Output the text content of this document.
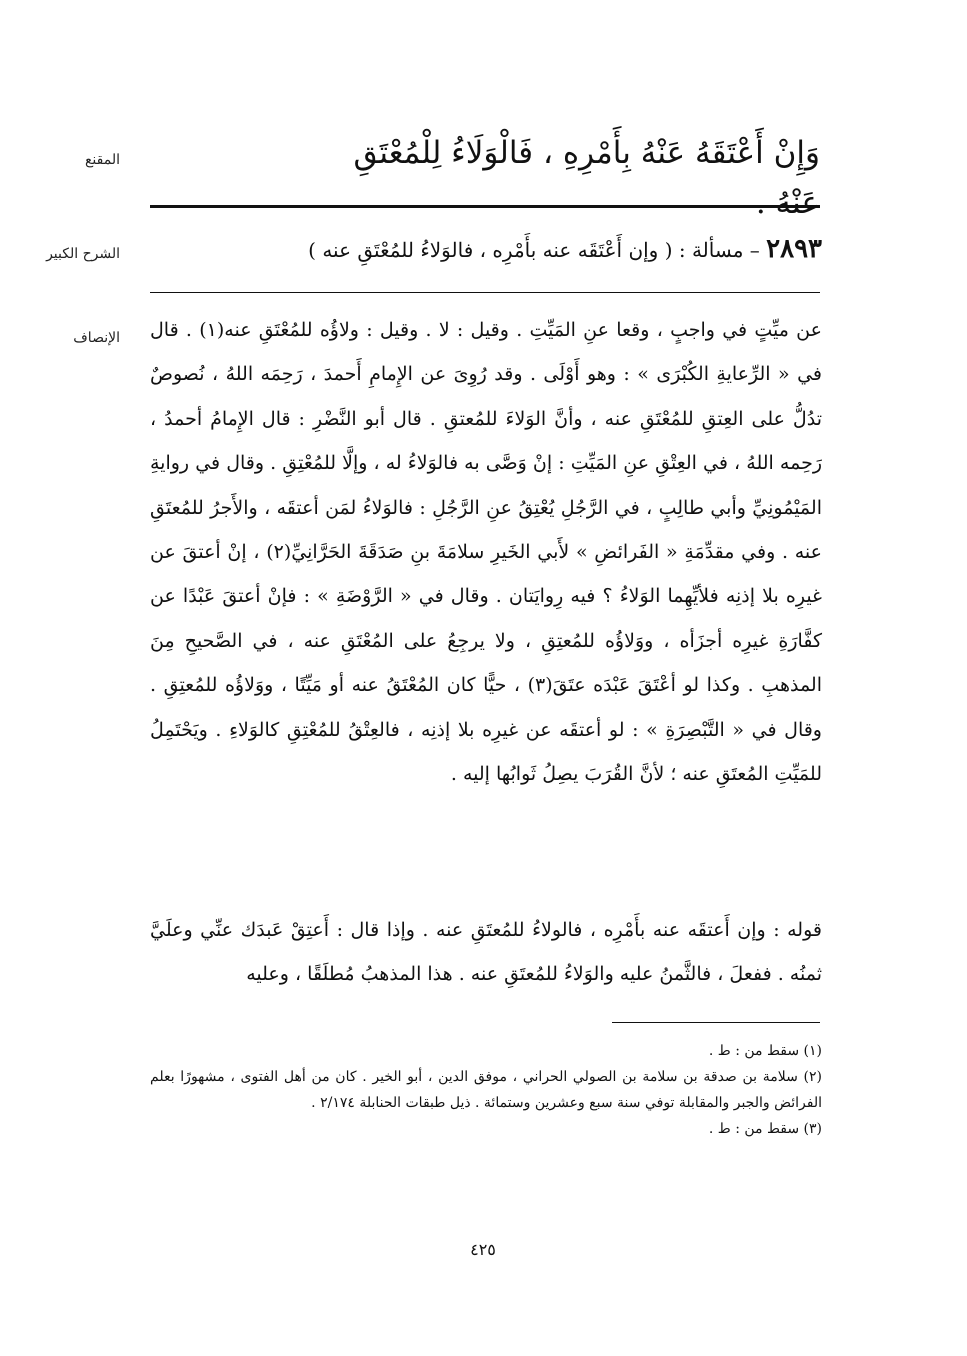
المقنع	وَإِنْ أَعْتَقَهُ عَنْهُ بِأَمْرِهِ ، فَالْوَلَاءُ لِلْمُعْتَقِ عَنْهُ .
الشرح الكبير	٢٨٩٣ – مسألة : ( وإن أَعْتَقَه عنه بأَمْرِه ، فالوَلاءُ للمُعْتَقِ عنه )
الإنصاف عن ميِّتٍ في واجبٍ ، وقعا عنِ المَيِّتِ . وقيل : لا . وقيل : ولاؤُه للمُعْتَقِ عنه(١) . قال في « الرِّعايةِ الكُبْرَى » : وهو أَوْلَى . وقد رُوِىَ عن الإِمامِ أَحمدَ ، رَحِمَه اللهُ ، نُصوصٌ تدُلُّ على العِتقِ للمُعْتَقِ عنه ، وأنَّ الوَلاءَ للمُعتقِ . قال أبو النَّضْرِ : قال الإِمامُ أحمدُ ، رَحِمه اللهُ ، في العِتْقِ عنِ المَيِّتِ : إنْ وَصَّى به فالوَلاءُ له ، وإلَّا للمُعْتِقِ . وقال في روايةِ المَيْمُونِيِّ وأبي طالِبٍ ، في الرَّجُلِ يُعْتِقُ عنِ الرَّجُلِ : فالوَلاءُ لمَن أعتقَه ، والأَجرُ للمُعتَقِ عنه . وفي مقدِّمَةِ « الفَرائضِ » لأَبي الخَيرِ سلامَةَ بنِ صَدَقَةَ الحَرَّانِيِّ(٢) ، إنْ أعتقَ عن غيرِه بلا إذنِه فلأيِّهِما الوَلاءُ ؟ فيه رِوايَتان . وقال في « الرَّوْضَةِ » : فإنْ أعتقَ عَبْدًا عن كفَّارَةِ غيرِه أجزَأه ، ووَلاؤُه للمُعتِقِ ، ولا يرجِعُ على المُعْتَقِ عنه ، في الصَّحيحِ مِنَ المذهبِ . وكذا لو أعْتَقَ عَبْدَه عتَقَ(٣) ، حيًّا كان المُعْتَقُ عنه أو مَيِّتًا ، ووَلاؤُه للمُعتِقِ . وقال في « التَّبْصِرَةِ » : لو أعتقَه عن غيرِه بلا إذنِه ، فالعِتْقُ للمُعْتِقِ كالوَلاءِ . ويَحْتَمِلُ للمَيِّتِ المُعتَقِ عنه ؛ لأنَّ القُرَبَ يصِلُ ثَوابُها إليه .

قوله : وإن أَعتقَه عنه بأَمْرِه ، فالولاءُ للمُعتَقِ عنه . وإذا قال : أَعتِقْ عَبدَك عنِّي وعلَيَّ ثمنُه . ففعلَ ، فالثَّمنُ عليه والوَلاءُ للمُعتَقِ عنه . هذا المذهبُ مُطلَقًا ، وعليه

(١) سقط من : ط .

(٢) سلامة بن صدقة بن سلامة بن الصولي الحراني ، موفق الدين ، أبو الخير . كان من أهل الفتوى ، مشهورًا بعلم الفرائض والجبر والمقابلة توفي سنة سبع وعشرين وستمائة . ذيل طبقات الحنابلة ٢/١٧٤ .

(٣) سقط من : ط .

٤٢٥
